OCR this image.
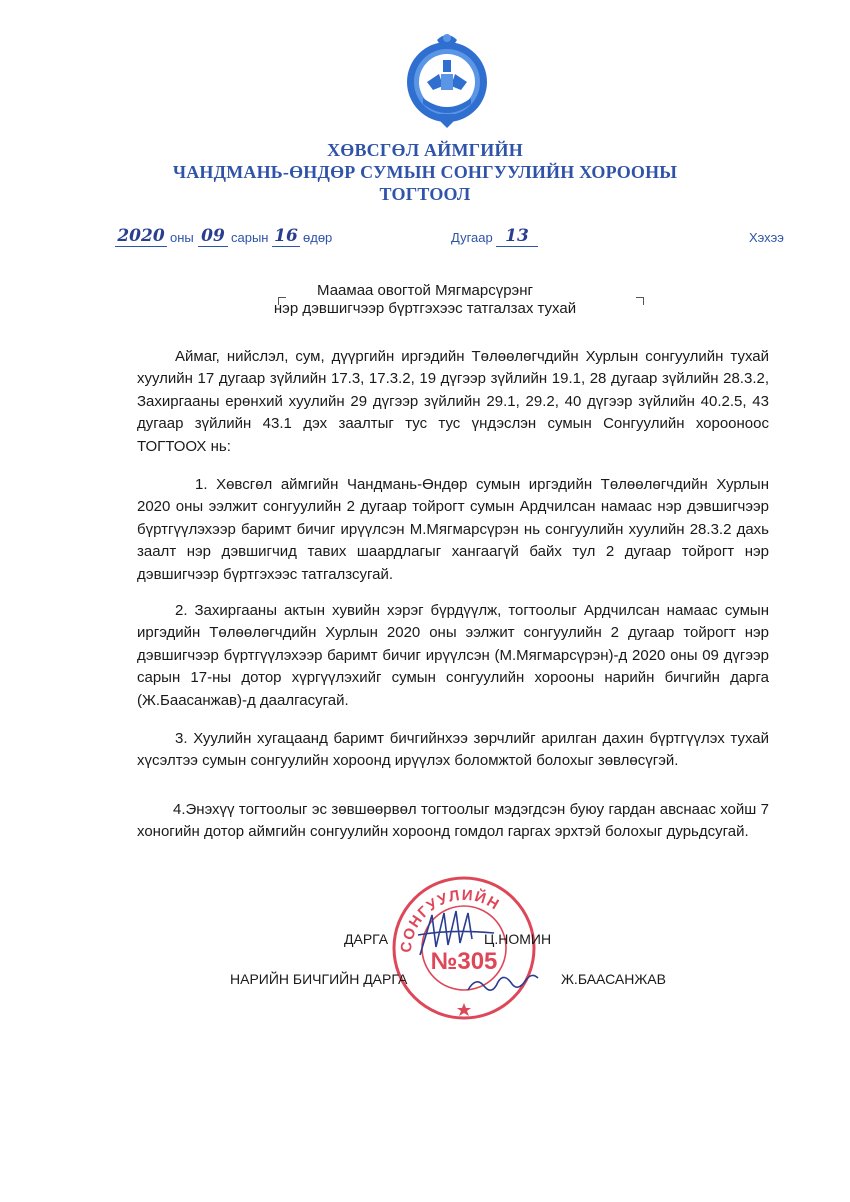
ХӨВСГӨЛ АЙМГИЙН
ЧАНДМАНЬ-ӨНДӨР СУМЫН СОНГУУЛИЙН ХОРООНЫ
ТОГТООЛ
2020 оны 09 сарын 16 өдөр	Дугаар 13	Хэхээ
Маамаа овогтой Мягмарсүрэнг
нэр дэвшигчээр бүртгэхээс татгалзах тухай

Аймаг, нийслэл, сум, дүүргийн иргэдийн Төлөөлөгчдийн Хурлын сонгуулийн тухай хуулийн 17 дугаар зүйлийн 17.3, 17.3.2, 19 дүгээр зүйлийн 19.1, 28 дугаар зүйлийн 28.3.2, Захиргааны ерөнхий хуулийн 29 дүгээр зүйлийн 29.1, 29.2, 40 дүгээр зүйлийн 40.2.5, 43 дугаар зүйлийн 43.1 дэх заалтыг тус тус үндэслэн сумын Сонгуулийн хорооноос ТОГТООХ нь:

1. Хөвсгөл аймгийн Чандмань-Өндөр сумын иргэдийн Төлөөлөгчдийн Хурлын 2020 оны ээлжит сонгуулийн 2 дугаар тойрогт сумын Ардчилсан намаас нэр дэвшигчээр бүртгүүлэхээр баримт бичиг ирүүлсэн М.Мягмарсүрэн нь сонгуулийн хуулийн 28.3.2 дахь заалт нэр дэвшигчид тавих шаардлагыг хангаагүй байх тул 2 дугаар тойрогт нэр дэвшигчээр бүртгэхээс татгалзсугай.

2. Захиргааны актын хувийн хэрэг бүрдүүлж, тогтоолыг Ардчилсан намаас сумын иргэдийн Төлөөлөгчдийн Хурлын 2020 оны ээлжит сонгуулийн 2 дугаар тойрогт нэр дэвшигчээр бүртгүүлэхээр баримт бичиг ирүүлсэн (М.Мягмарсүрэн)-д 2020 оны 09 дүгээр сарын 17-ны дотор хүргүүлэхийг сумын сонгуулийн хорооны нарийн бичгийн дарга (Ж.Баасанжав)-д даалгасугай.

3. Хуулийн хугацаанд баримт бичгийнхээ зөрчлийг арилган дахин бүртгүүлэх тухай хүсэлтээ сумын сонгуулийн хороонд ирүүлэх боломжтой болохыг зөвлөсүгэй.

4.Энэхүү тогтоолыг эс зөвшөөрвөл тогтоолыг мэдэгдсэн буюу гардан авснаас хойш 7 хоногийн дотор аймгийн сонгуулийн хороонд гомдол гаргах эрхтэй болохыг дурьдсугай.

СОНГУУЛИЙН
№305
ДАРГА	Ц.НОМИН
НАРИЙН БИЧГИЙН ДАРГА	Ж.БААСАНЖАВ
